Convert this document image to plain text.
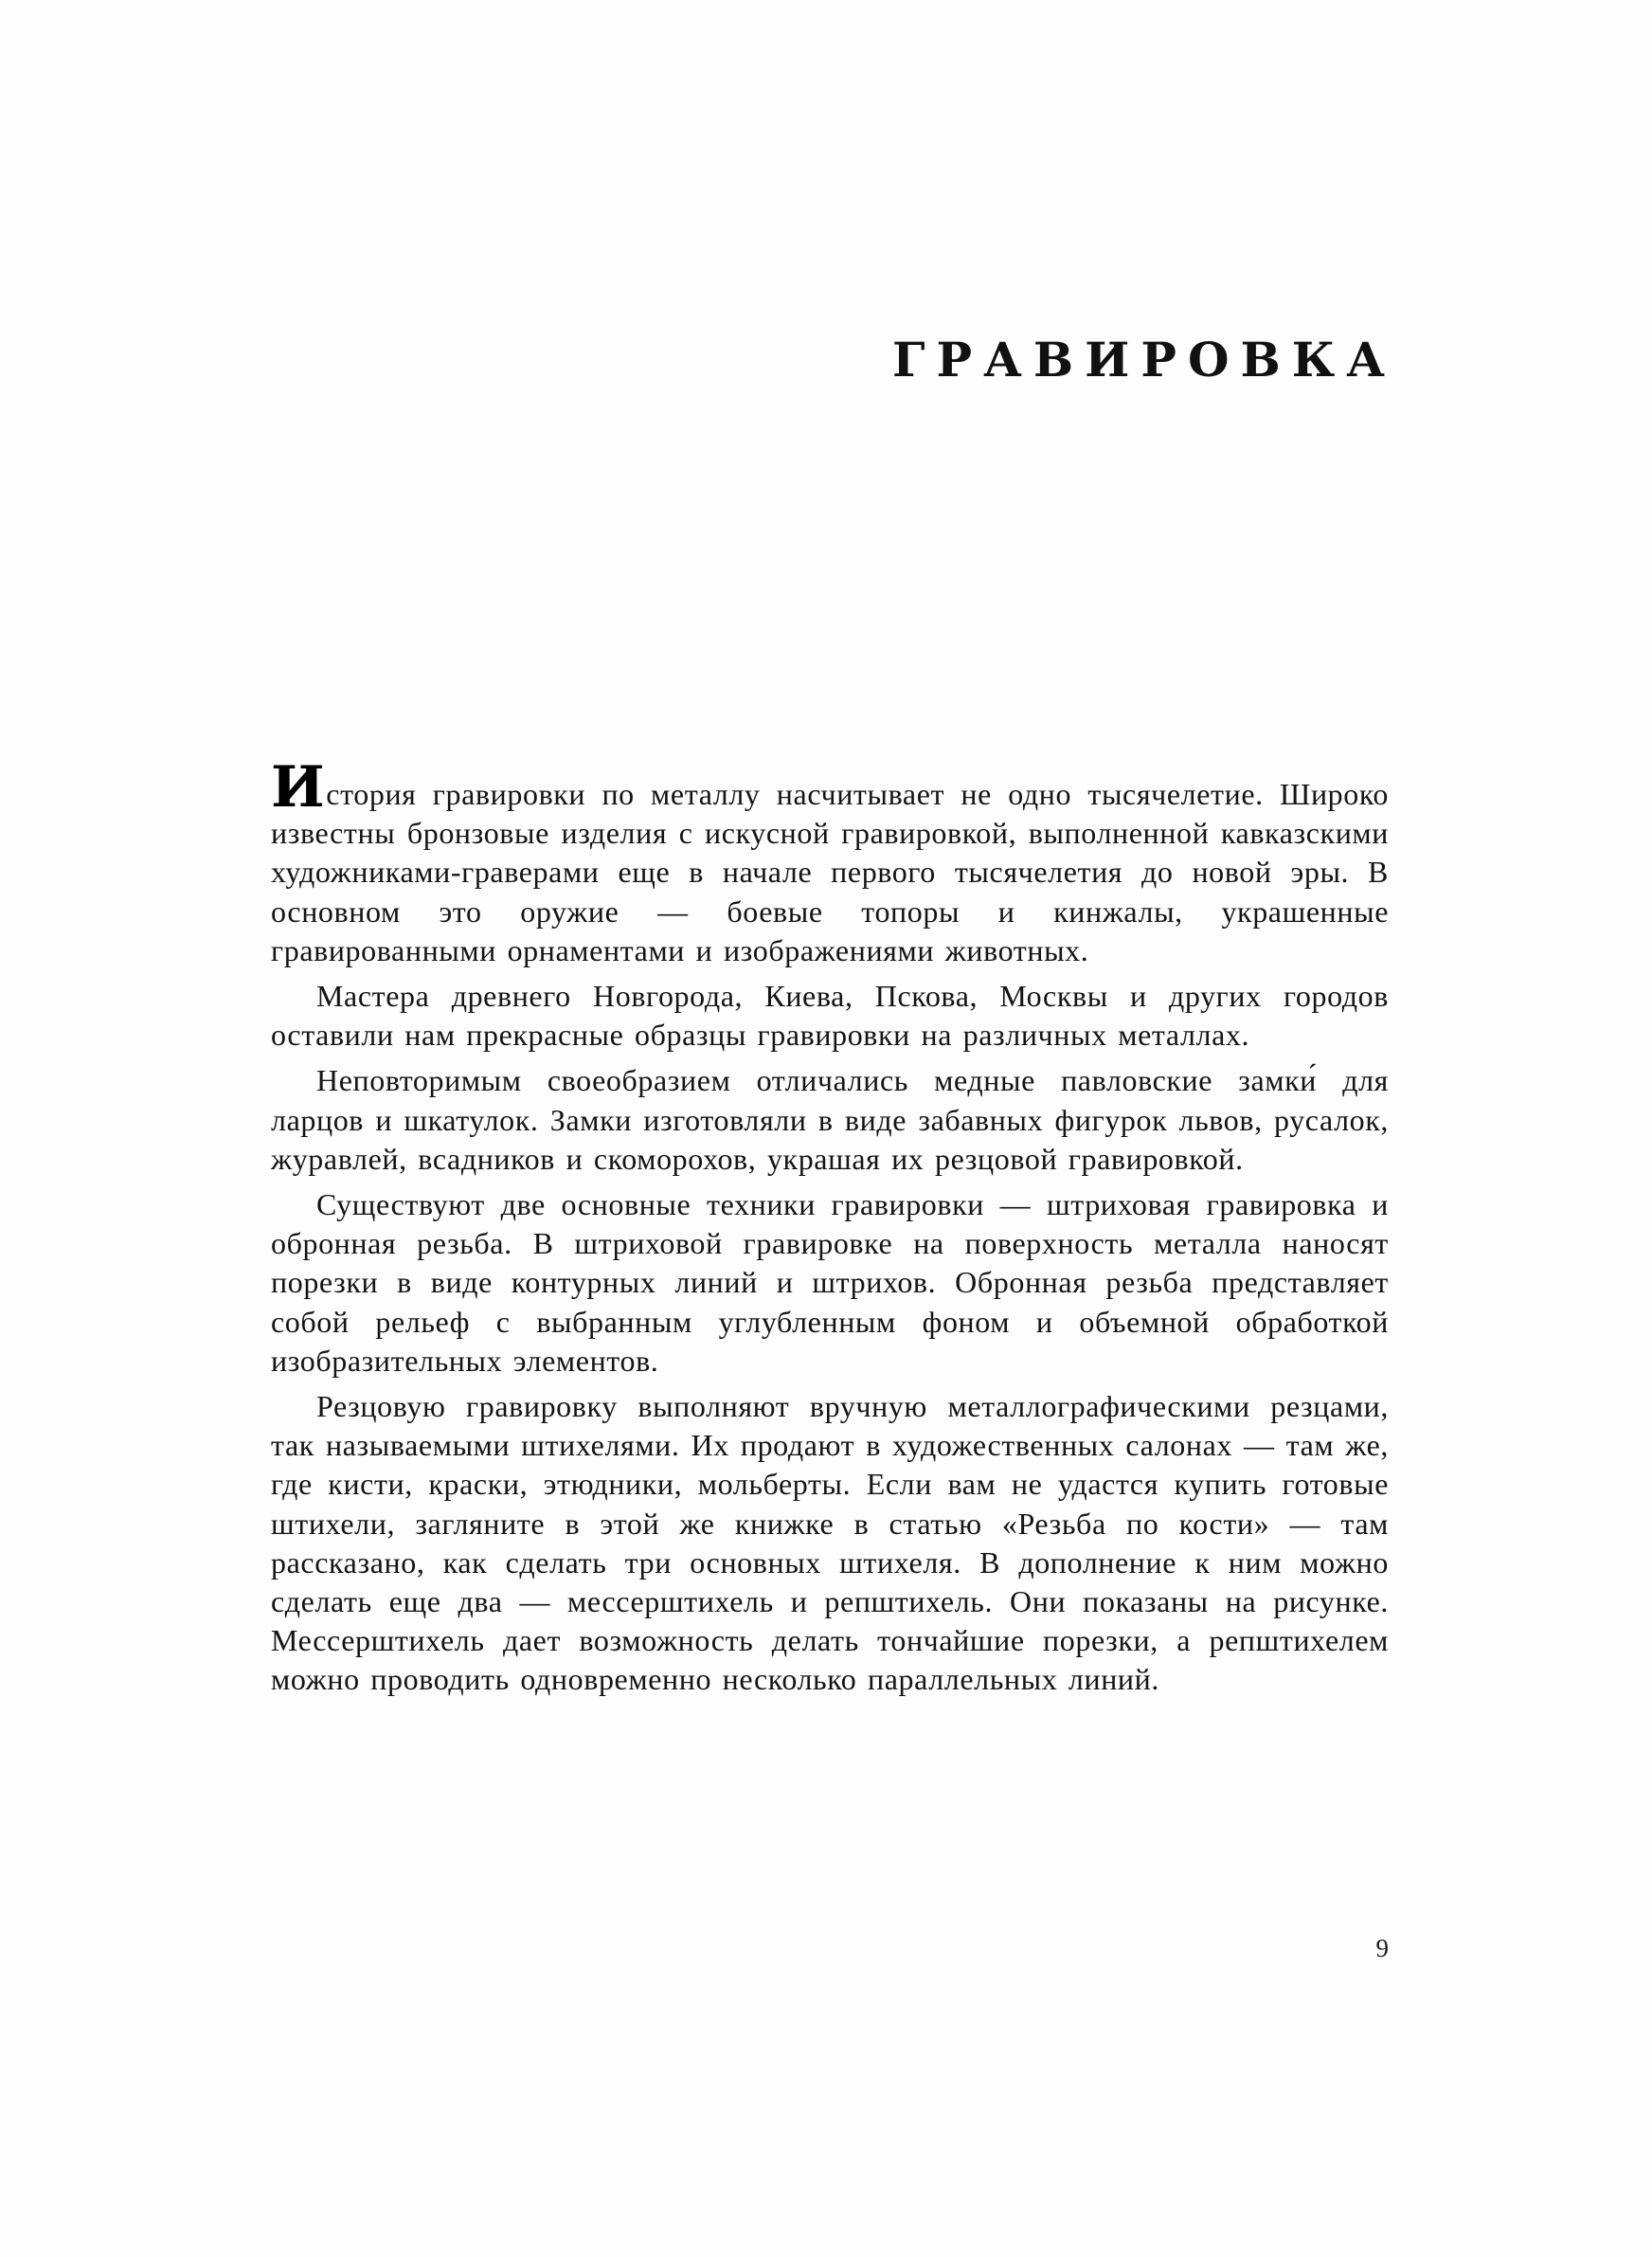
ГРАВИРОВКА

История гравировки по металлу насчитывает не одно тысячелетие. Широко известны бронзовые изделия с искусной гравировкой, выполненной кавказскими художниками-граверами еще в начале первого тысячелетия до новой эры. В основном это оружие — боевые топоры и кинжалы, украшенные гравированными орнаментами и изображениями животных.

Мастера древнего Новгорода, Киева, Пскова, Москвы и других городов оставили нам прекрасные образцы гравировки на различных металлах.

Неповторимым своеобразием отличались медные павловские замки́ для ларцов и шкатулок. Замки изготовляли в виде забавных фигурок львов, русалок, журавлей, всадников и скоморохов, украшая их резцовой гравировкой.

Существуют две основные техники гравировки — штриховая гравировка и обронная резьба. В штриховой гравировке на поверхность металла наносят порезки в виде контурных линий и штрихов. Обронная резьба представляет собой рельеф с выбранным углубленным фоном и объемной обработкой изобразительных элементов.

Резцовую гравировку выполняют вручную металлографическими резцами, так называемыми штихелями. Их продают в художественных салонах — там же, где кисти, краски, этюдники, мольберты. Если вам не удастся купить готовые штихели, загляните в этой же книжке в статью «Резьба по кости» — там рассказано, как сделать три основных штихеля. В дополнение к ним можно сделать еще два — мессерштихель и репштихель. Они показаны на рисунке. Мессерштихель дает возможность делать тончайшие порезки, а репштихелем можно проводить одновременно несколько параллельных линий.

9
